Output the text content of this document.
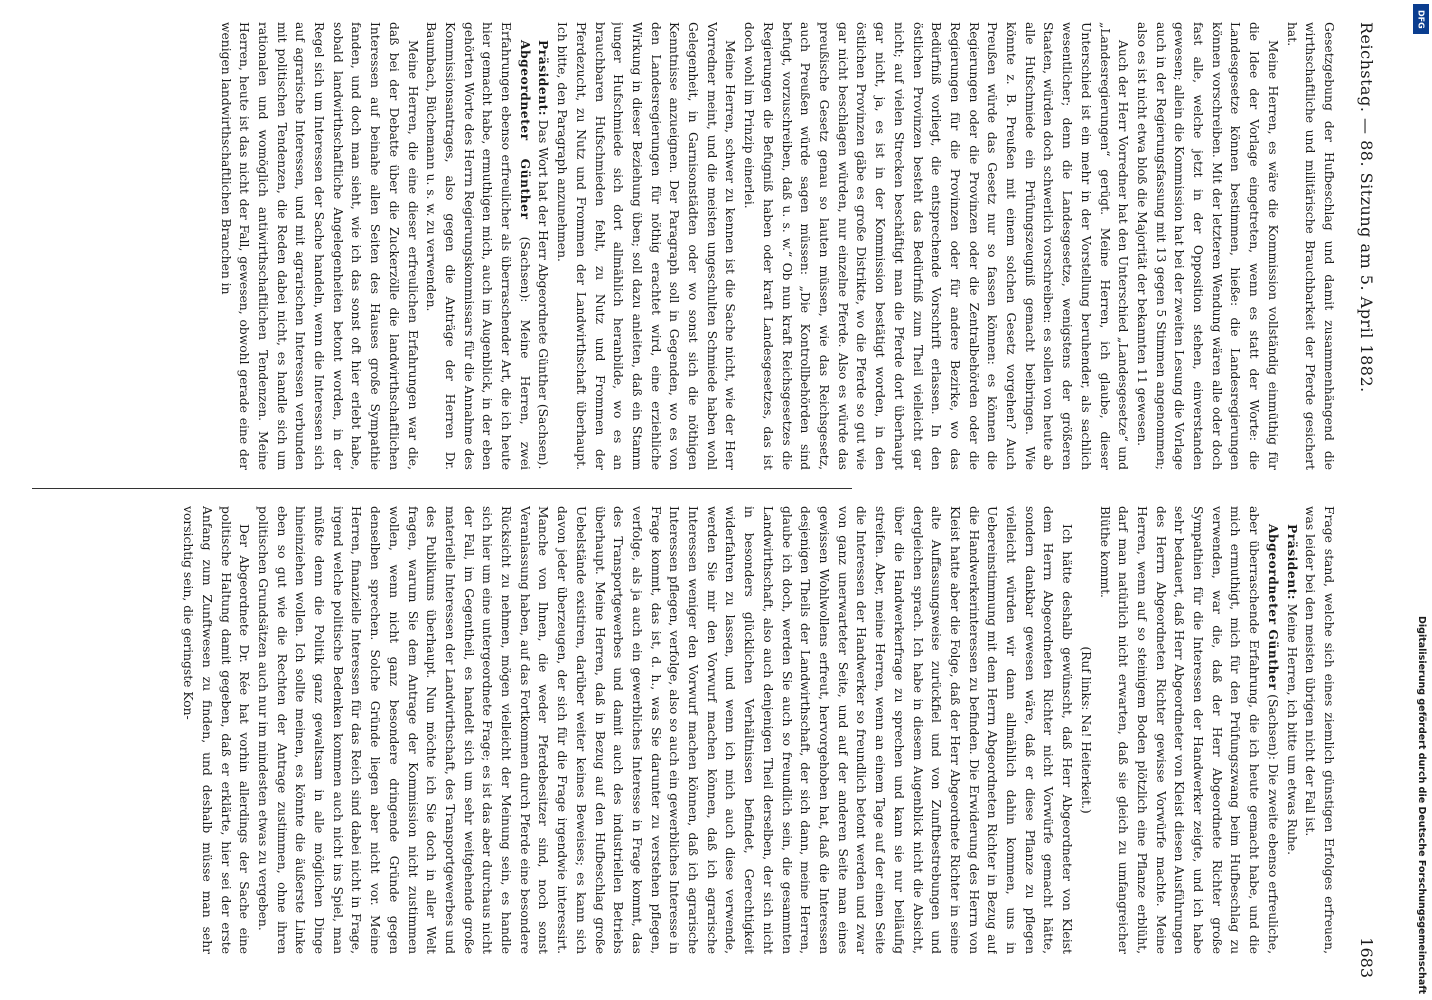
Reichstag. — 88. Sitzung am 5. April 1882.
1683

Gesetzgebung der Hufbeschlag und damit zusammenhängend die wirthschaftliche und militärische Brauchbarkeit der Pferde gesichert hat.

Meine Herren, es wäre die Kommission vollständig einmüthig für die Idee der Vorlage eingetreten, wenn es statt der Worte: die Landesgesetze können bestimmen, hieße: die Landesregierungen können vorschreiben. Mit der letzteren Wendung wären alle oder doch fast alle, welche jetzt in der Opposition stehen, einverstanden gewesen; allein die Kommission hat bei der zweiten Lesung die Vorlage auch in der Regierungsfassung mit 13 gegen 5 Stimmen angenommen; also es ist nicht etwa bloß die Majorität der bekannten 11 gewesen.

Auch der Herr Vorredner hat den Unterschied „Landesgesetze“ und „Landesregierungen“ gerügt. Meine Herren, ich glaube, dieser Unterschied ist ein mehr in der Vorstellung beruhender, als sachlich wesentlicher; denn die Landesgesetze, wenigstens der größeren Staaten, würden doch schwerlich vorschreiben: es sollen von heute ab alle Hufschmiede ein Prüfungszeugniß gemacht beibringen. Wie könnte z. B. Preußen mit einem solchen Gesetz vorgehen? Auch Preußen würde das Gesetz nur so fassen können: es können die Regierungen oder die Provinzen oder die Zentralbehörden oder die Regierungen für die Provinzen oder für andere Bezirke, wo das Bedürfniß vorliegt, die entsprechende Vorschrift erlassen. In den östlichen Provinzen besteht das Bedürfniß zum Theil vielleicht gar nicht; auf vielen Strecken beschäftigt man die Pferde dort überhaupt gar nicht, ja, es ist in der Kommission bestätigt worden, in den östlichen Provinzen gäbe es große Distrikte, wo die Pferde so gut wie gar nicht beschlagen würden, nur einzelne Pferde. Also es würde das preußische Gesetz genau so lauten müssen, wie das Reichsgesetz, auch Preußen würde sagen müssen: „Die Kontrollbehörden sind befugt, vorzuschreiben, daß u. s. w.“ Ob nun kraft Reichsgesetzes die Regierungen die Befugniß haben oder kraft Landesgesetzes, das ist doch wohl im Prinzip einerlei.

Meine Herren, schwer zu kennen ist die Sache nicht, wie der Herr Vorredner meint, und die meisten ungeschulten Schmiede haben wohl Gelegenheit, in Garnisonstädten oder wo sonst sich die nöthigen Kenntnisse anzueignen. Der Paragraph soll in Gegenden, wo es von den Landesregierungen für nöthig erachtet wird, eine erziehliche Wirkung in dieser Beziehung üben; soll dazu anleiten, daß ein Stamm junger Hufschmiede sich dort allmählich heranbilde, wo es an brauchbaren Hufschmieden fehlt, zu Nutz und Frommen der Pferdezucht, zu Nutz und Frommen der Landwirthschaft überhaupt. Ich bitte, den Paragraph anzunehmen.

Präsident: Das Wort hat der Herr Abgeordnete Günther (Sachsen).

Abgeordneter Günther (Sachsen): Meine Herren, zwei Erfahrungen ebenso erfreulicher als überraschender Art, die ich heute hier gemacht habe, ermuthigen mich, auch im Augenblick, in der eben gehörten Worte des Herrn Regierungskommissars für die Annahme des Kommissionsantrages, also gegen die Anträge der Herren Dr. Baumbach, Büchemann u. s. w. zu verwenden.

Meine Herren, die eine dieser erfreulichen Erfahrungen war die, daß bei der Debatte über die Zuckerzölle die landwirthschaftlichen Interessen auf beinahe allen Seiten des Hauses große Sympathie fanden, und doch man sieht, wie ich das sonst oft hier erlebt habe, sobald landwirthschaftliche Angelegenheiten betont worden, in der Regel sich um Interessen der Sache handeln, wenn die Interessen sich auf agrarische Interessen, und mit agrarischen Interessen verbunden mit politischen Tendenzen, die Reden dabei nicht, es handle sich um rationalen und womöglich antiwirthschaftlichen Tendenzen. Meine Herren, heute ist das nicht der Fall, gewesen, obwohl gerade eine der wenigen landwirthschaftlichen Branchen in

Frage stand, welche sich eines ziemlich günstigen Erfolges erfreuen, was leider bei den meisten übrigen nicht der Fall ist.

Präsident: Meine Herren, ich bitte um etwas Ruhe.

Abgeordneter Günther (Sachsen): Die zweite ebenso erfreuliche, aber überraschende Erfahrung, die ich heute gemacht habe, und die mich ermuthigt, mich für den Prüfungszwang beim Hufbeschlag zu verwenden, war die, daß der Herr Abgeordnete Richter große Sympathien für die Interessen der Handwerker zeigte, und ich habe sehr bedauert, daß Herr Abgeordneter von Kleist diesen Ausführungen des Herrn Abgeordneten Richter gewisse Vorwürfe machte. Meine Herren, wenn auf so steinigem Boden plötzlich eine Pflanze erblüht, darf man natürlich nicht erwarten, daß sie gleich zu umfangreicher Blüthe kommt.

(Ruf links: Na! Heiterkeit.)

Ich hätte deshalb gewünscht, daß Herr Abgeordneter von Kleist dem Herrn Abgeordneten Richter nicht Vorwürfe gemacht hätte, sondern dankbar gewesen wäre, daß er diese Pflanze zu pflegen vielleicht würden wir dann allmählich dahin kommen, uns in Uebereinstimmung mit dem Herrn Abgeordneten Richter in Bezug auf die Handwerkerinteressen zu befinden. Die Erwiderung des Herrn von Kleist hatte aber die Folge, daß der Herr Abgeordnete Richter in seine alte Auffassungsweise zurückfiel und von Zunftbestrebungen und dergleichen sprach. Ich habe in diesem Augenblick nicht die Absicht, über die Handwerkerfrage zu sprechen und kann sie nur beiläufig streifen. Aber, meine Herren, wenn an einem Tage auf der einen Seite die Interessen der Handwerker so freundlich betont werden und zwar von ganz unerwarteter Seite, und auf der anderen Seite man eines gewissen Wohlwollens erfreut, hervorgehoben hat, daß die Interessen desjenigen Theils der Landwirthschaft, der sich dann, meine Herren, glaube ich doch, werden Sie auch so freundlich sein, die gesammten Landwirthschaft, also auch denjenigen Theil derselben, der sich nicht in besonders glücklichen Verhältnissen befindet, Gerechtigkeit widerfahren zu lassen, und wenn ich mich auch diese verwende, werden Sie mir den Vorwurf machen können, daß ich agrarische Interessen weniger den Vorwurf machen können, daß ich agrarische Interessen pflegen, verfolge, also so auch ein gewerbliches Interesse in Frage kommt, das ist, d. h., was Sie darunter zu verstehen pflegen, verfolge, als ja auch ein gewerbliches Interesse in Frage kommt, das des Transportgewerbes und damit auch des industriellen Betriebs überhaupt. Meine Herren, daß in Bezug auf den Hufbeschlag große Uebelstände existiren, darüber weiter keines Beweises; es kann sich davon jeder überzeugen, der sich für die Frage irgendwie interessirt. Manche von Ihnen, die weder Pferdebesitzer sind, noch sonst Veranlassung haben, auf das Fortkommen durch Pferde eine besondere Rücksicht zu nehmen, mögen vielleicht der Meinung sein, es handle sich hier um eine untergeordnete Frage; es ist das aber durchaus nicht der Fall, im Gegentheil, es handelt sich um sehr weitgehende große materielle Interessen der Landwirthschaft, des Transportgewerbes und des Publikums überhaupt. Nun möchte ich Sie doch in aller Welt fragen, warum Sie dem Antrage der Kommission nicht zustimmen wollen, wenn nicht ganz besondere dringende Gründe gegen denselben sprechen. Solche Gründe liegen aber nicht vor. Meine Herren, finanzielle Interessen für das Reich sind dabei nicht in Frage, irgend welche politische Bedenken kommen auch nicht ins Spiel, man müßte denn die Politik ganz gewaltsam in alle möglichen Dinge hineinziehen wollen. Ich sollte meinen, es könnte die äußerste Linke eben so gut wie die Rechten der Antrage zustimmen, ohne ihren politischen Grundsätzen auch nur im mindesten etwas zu vergeben.

Der Abgeordnete Dr. Rée hat vorhin allerdings der Sache eine politische Haltung damit gegeben, daß er erklärte, hier sei der erste Anfang zum Zunftwesen zu finden, und deshalb müsse man sehr vorsichtig sein, die geringste Kon-

Digitalisierung gefördert durch die Deutsche Forschungsgemeinschaft
DFG
